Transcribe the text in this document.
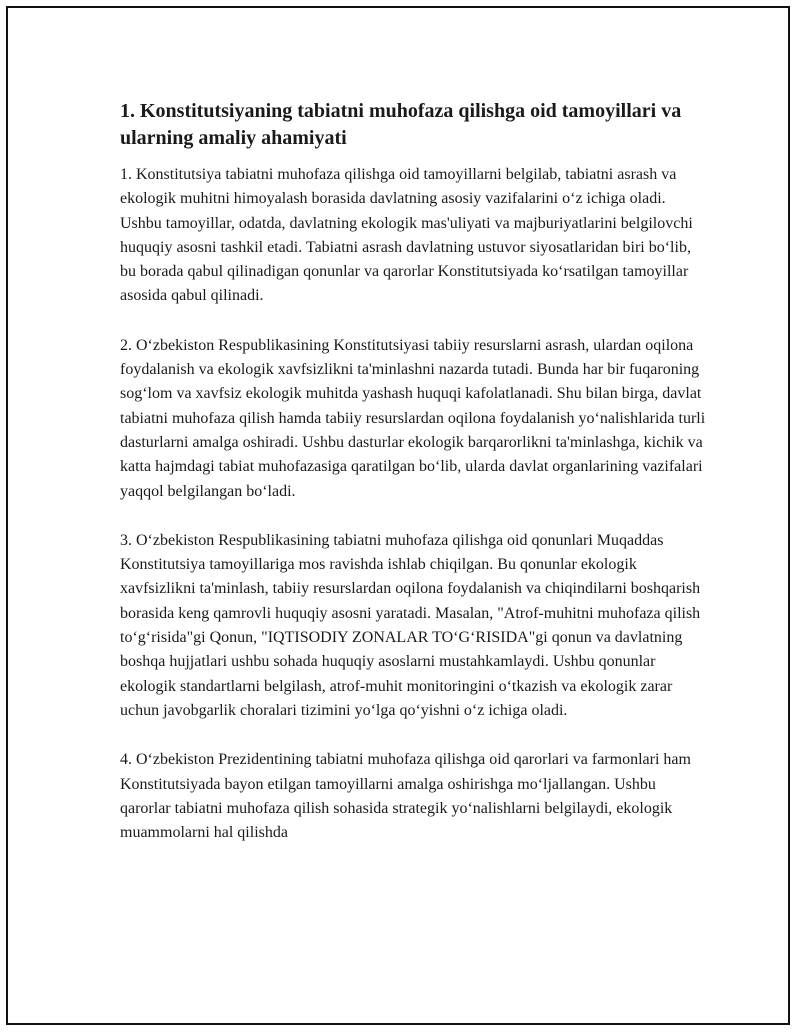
1. Konstitutsiyaning tabiatni muhofaza qilishga oid tamoyillari va ularning amaliy ahamiyati
1. Konstitutsiya tabiatni muhofaza qilishga oid tamoyillarni belgilab, tabiatni asrash va ekologik muhitni himoyalash borasida davlatning asosiy vazifalarini o‘z ichiga oladi. Ushbu tamoyillar, odatda, davlatning ekologik mas'uliyati va majburiyatlarini belgilovchi huquqiy asosni tashkil etadi. Tabiatni asrash davlatning ustuvor siyosatlaridan biri bo‘lib, bu borada qabul qilinadigan qonunlar va qarorlar Konstitutsiyada ko‘rsatilgan tamoyillar asosida qabul qilinadi.
2. O‘zbekiston Respublikasining Konstitutsiyasi tabiiy resurslarni asrash, ulardan oqilona foydalanish va ekologik xavfsizlikni ta'minlashni nazarda tutadi. Bunda har bir fuqaroning sog‘lom va xavfsiz ekologik muhitda yashash huquqi kafolatlanadi. Shu bilan birga, davlat tabiatni muhofaza qilish hamda tabiiy resurslardan oqilona foydalanish yo‘nalishlarida turli dasturlarni amalga oshiradi. Ushbu dasturlar ekologik barqarorlikni ta'minlashga, kichik va katta hajmdagi tabiat muhofazasiga qaratilgan bo‘lib, ularda davlat organlarining vazifalari yaqqol belgilangan bo‘ladi.
3. O‘zbekiston Respublikasining tabiatni muhofaza qilishga oid qonunlari Muqaddas Konstitutsiya tamoyillariga mos ravishda ishlab chiqilgan. Bu qonunlar ekologik xavfsizlikni ta'minlash, tabiiy resurslardan oqilona foydalanish va chiqindilarni boshqarish borasida keng qamrovli huquqiy asosni yaratadi. Masalan, "Atrof-muhitni muhofaza qilish to‘g‘risida"gi Qonun, "IQTISODIY ZONALAR TO‘G‘RISIDA"gi qonun va davlatning boshqa hujjatlari ushbu sohada huquqiy asoslarni mustahkamlaydi. Ushbu qonunlar ekologik standartlarni belgilash, atrof-muhit monitoringini o‘tkazish va ekologik zarar uchun javobgarlik choralari tizimini yo‘lga qo‘yishni o‘z ichiga oladi.
4. O‘zbekiston Prezidentining tabiatni muhofaza qilishga oid qarorlari va farmonlari ham Konstitutsiyada bayon etilgan tamoyillarni amalga oshirishga mo‘ljallangan. Ushbu qarorlar tabiatni muhofaza qilish sohasida strategik yo‘nalishlarni belgilaydi, ekologik muammolarni hal qilishda
